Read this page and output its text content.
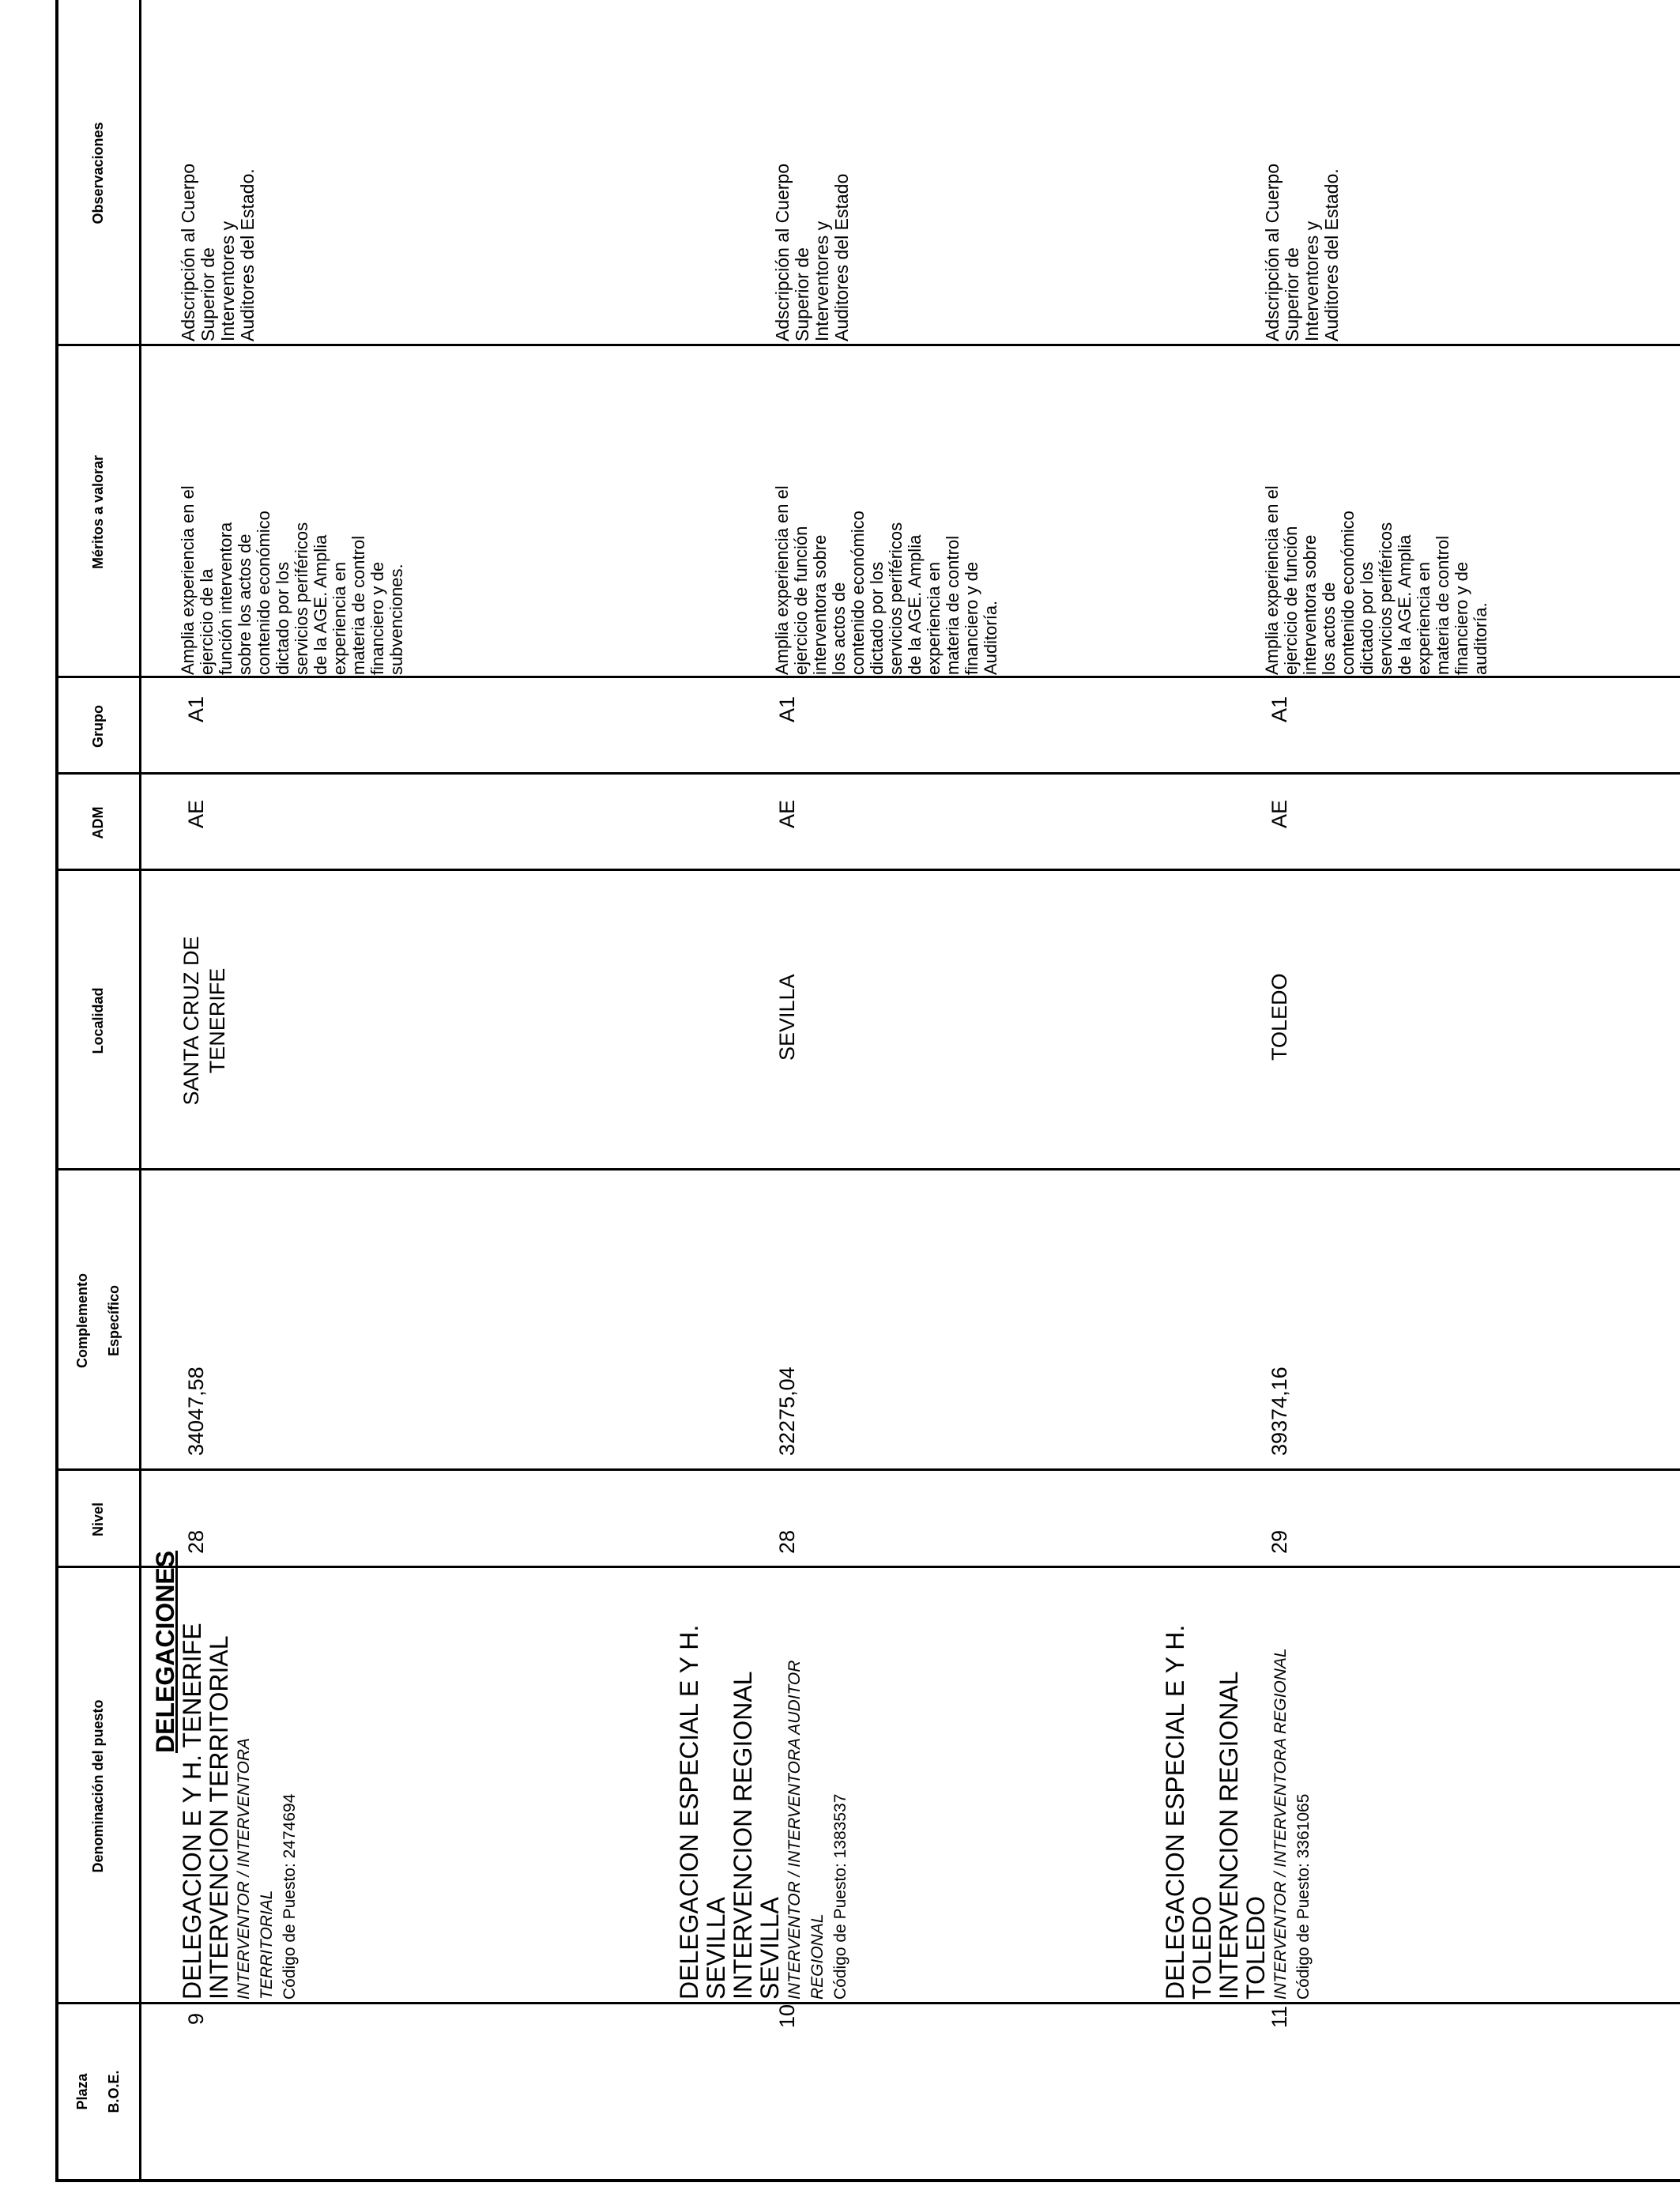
Plaza	B.O.E.
Denominación del puesto
Nivel
Complemento	Específico
Localidad
ADM
Grupo
Méritos a valorar
Observaciones
DELEGACIONES
9
DELEGACION E Y H. TENERIFE
INTERVENCION TERRITORIAL INTERVENTOR / INTERVENTORA TERRITORIAL Código de Puesto: 2474694
28
34047,58
SANTA CRUZ DE TENERIFE
AE
A1
Amplia experiencia en el ejercicio de la función interventora sobre los actos de contenido económico dictado por los servicios periféricos de la AGE. Amplia experiencia en materia de control financiero y de subvenciones.
Adscripción al Cuerpo Superior de Interventores y Auditores del Estado.
10
DELEGACION ESPECIAL E Y H.
SEVILLA
INTERVENCION REGIONAL SEVILLA INTERVENTOR / INTERVENTORA AUDITOR REGIONAL Código de Puesto: 1383537
28
32275,04
SEVILLA
AE
A1
Amplia experiencia en el ejercicio de función interventora sobre los actos de contenido económico dictado por los servicios periféricos de la AGE. Amplia experiencia en materia de control financiero y de Auditoría.
Adscripción al Cuerpo Superior de Interventores y Auditores del Estado
11
DELEGACION ESPECIAL E Y H.
TOLEDO
INTERVENCION REGIONAL TOLEDO INTERVENTOR / INTERVENTORA REGIONAL Código de Puesto: 3361065
29
39374,16
TOLEDO
AE
A1
Amplia experiencia en el ejercicio de función interventora sobre los actos de contenido económico dictado por los servicios periféricos de la AGE. Amplia experiencia en materia de control financiero y de auditoría.
Adscripción al Cuerpo Superior de Interventores y Auditores del Estado.
